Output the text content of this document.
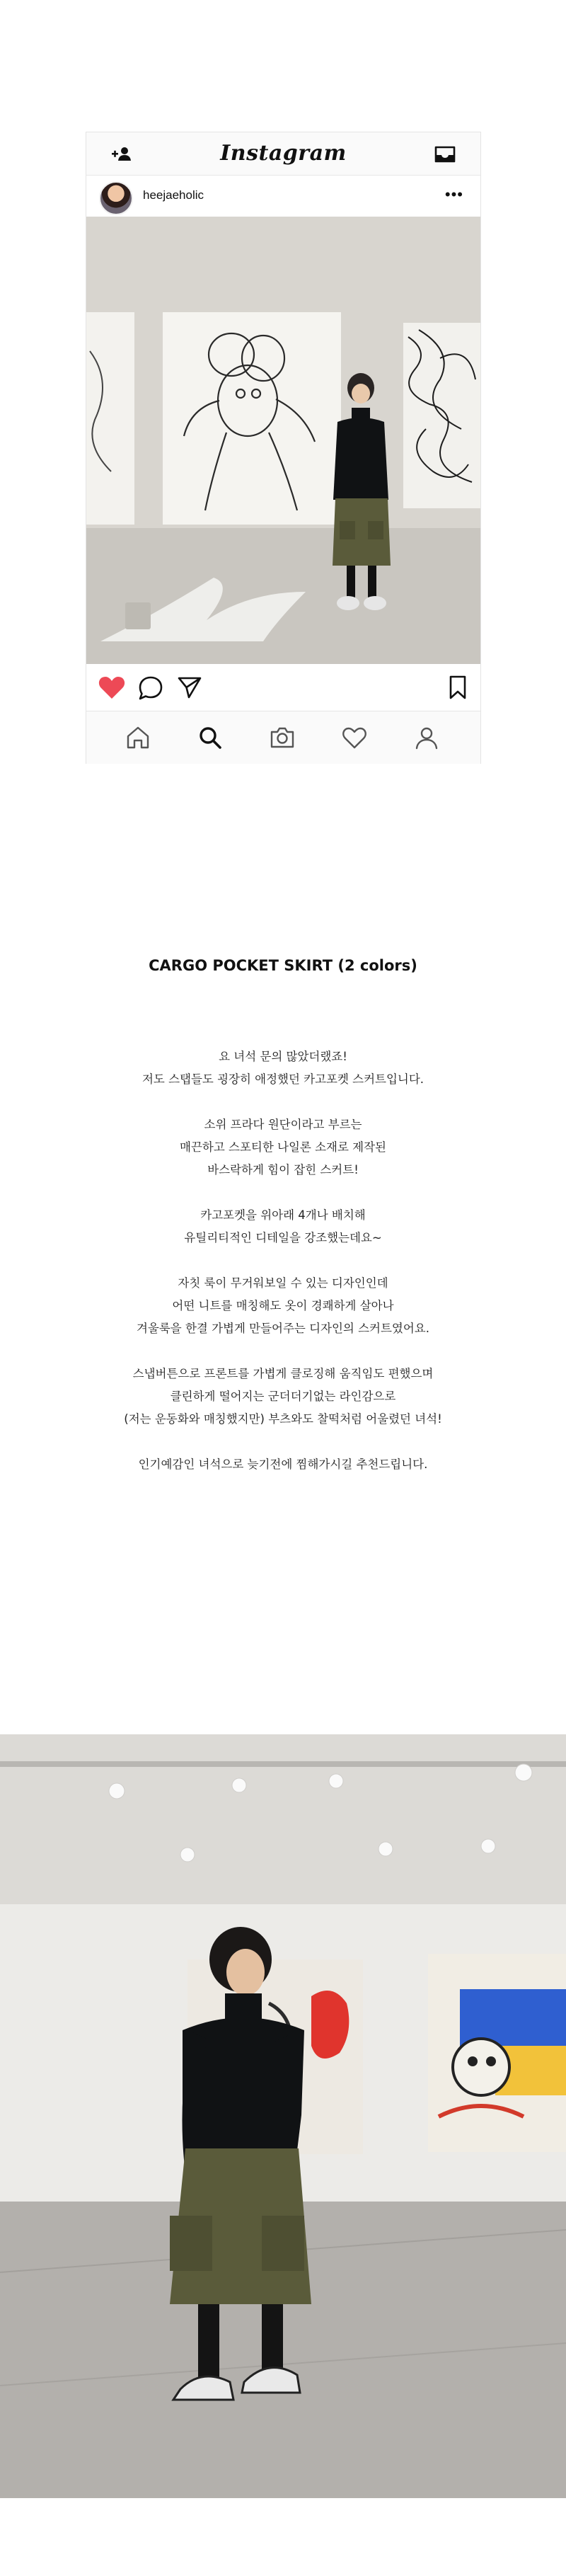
Instagram
heejaeholic	•••
CARGO POCKET SKIRT (2 colors)
요 녀석 문의 많았더랬죠!
저도 스탭들도 굉장히 애정했던 카고포켓 스커트입니다.
소위 프라다 원단이라고 부르는
매끈하고 스포티한 나일론 소재로 제작된
바스락하게 힘이 잡힌 스커트!
카고포켓을 위아래 4개나 배치해
유틸리티적인 디테일을 강조했는데요~
자칫 룩이 무거워보일 수 있는 디자인인데
어떤 니트를 매칭해도 옷이 경쾌하게 살아나
겨울룩을 한결 가볍게 만들어주는 디자인의 스커트였어요.
스냅버튼으로 프론트를 가볍게 클로징해 움직임도 편했으며
클린하게 떨어지는 군더더기없는 라인감으로
(저는 운동화와 매칭했지만) 부츠와도 찰떡처럼 어울렸던 녀석!
인기예감인 녀석으로 늦기전에 찜해가시길 추천드립니다.
